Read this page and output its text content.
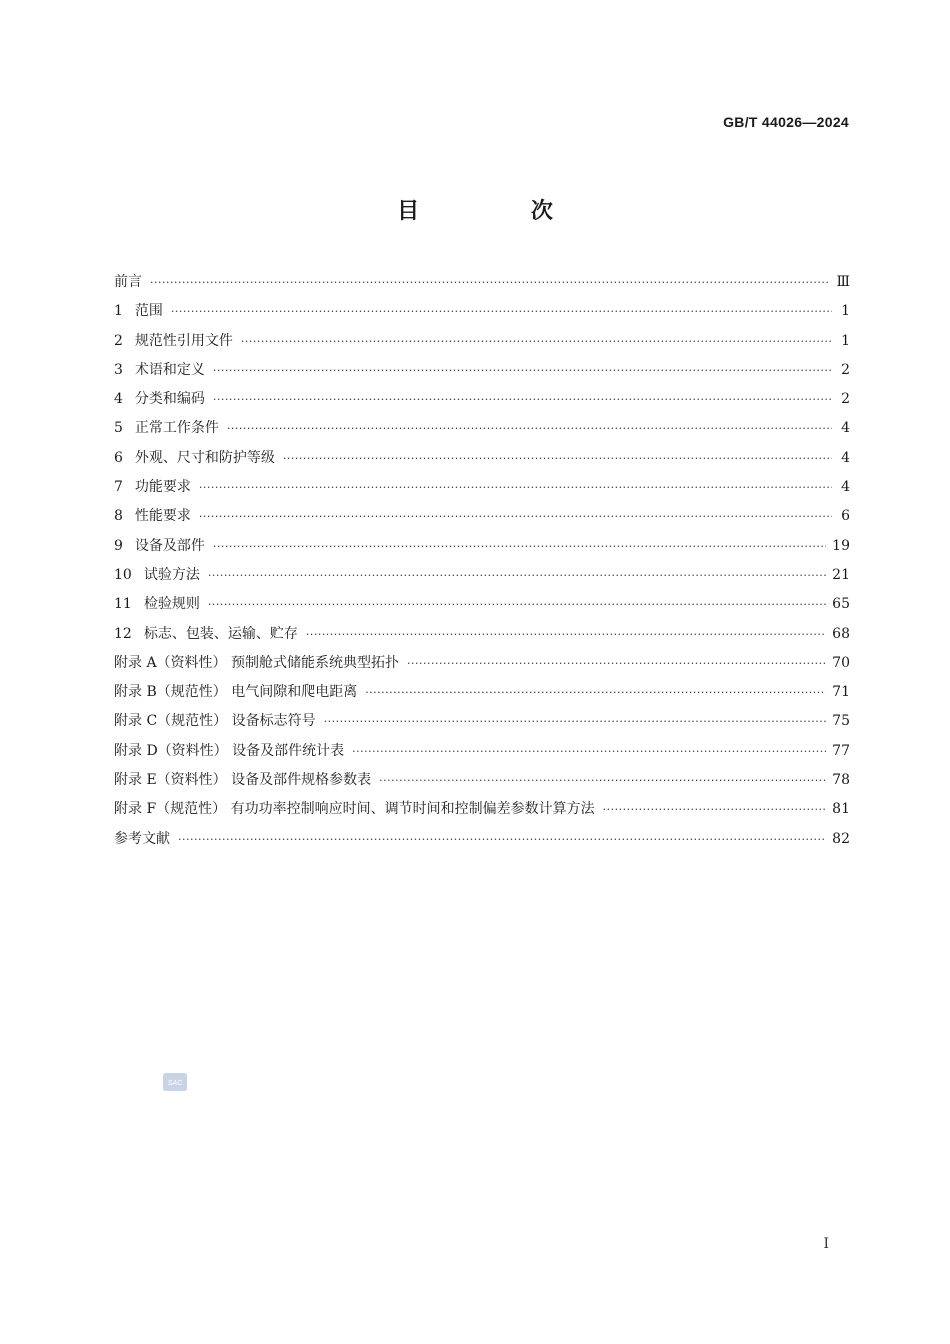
GB/T 44026—2024
目 次
前言 ·····	Ⅲ
1 范围 ·····	1
2 规范性引用文件 ·····	1
3 术语和定义 ·····	2
4 分类和编码 ·····	2
5 正常工作条件 ·····	4
6 外观、尺寸和防护等级 ·····	4
7 功能要求 ·····	4
8 性能要求 ·····	6
9 设备及部件 ·····	19
10 试验方法 ·····	21
11 检验规则 ·····	65
12 标志、包装、运输、贮存 ·····	68
附录 A（资料性） 预制舱式储能系统典型拓扑 ·····	70
附录 B（规范性） 电气间隙和爬电距离 ·····	71
附录 C（规范性） 设备标志符号 ·····	75
附录 D（资料性） 设备及部件统计表 ·····	77
附录 E（资料性） 设备及部件规格参数表 ·····	78
附录 F（规范性） 有功功率控制响应时间、调节时间和控制偏差参数计算方法 ·····	81
参考文献 ·····	82
SAC
I
